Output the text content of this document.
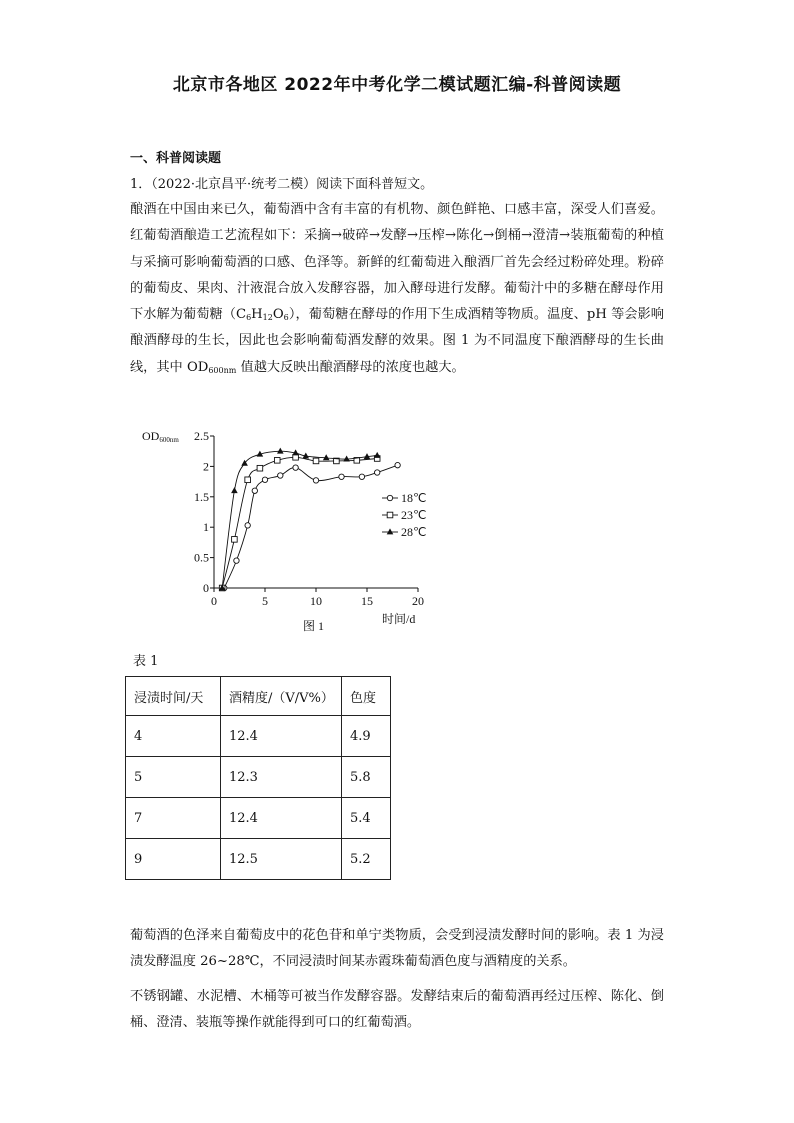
北京市各地区 2022年中考化学二模试题汇编-科普阅读题
一、科普阅读题
1．（2022·北京昌平·统考二模）阅读下面科普短文。
酿酒在中国由来已久，葡萄酒中含有丰富的有机物、颜色鲜艳、口感丰富，深受人们喜爱。红葡萄酒酿造工艺流程如下：采摘→破碎→发酵→压榨→陈化→倒桶→澄清→装瓶葡萄的种植与采摘可影响葡萄酒的口感、色泽等。新鲜的红葡萄进入酿酒厂首先会经过粉碎处理。粉碎的葡萄皮、果肉、汁液混合放入发酵容器，加入酵母进行发酵。葡萄汁中的多糖在酵母作用下水解为葡萄糖$(C_6H_{12}O_6)$，葡萄糖在酵母的作用下生成酒精等物质。温度、pH 等会影响酿酒酵母的生长，因此也会影响葡萄酒发酵的效果。图 1 为不同温度下酿酒酵母的生长曲线，其中 $OD_{600nm}$ 值越大反映出酿酒酵母的浓度也越大。
OD600nm
时间/d
图 1
0	5	10	15	20
0
0.5
1
1.5
2
2.5
18℃
23℃
28℃
表 1
浸渍时间/天	酒精度/（V/V%）	色度
4	12.4	4.9
5	12.3	5.8
7	12.4	5.4
9	12.5	5.2
葡萄酒的色泽来自葡萄皮中的花色苷和单宁类物质，会受到浸渍发酵时间的影响。表 1 为浸渍发酵温度 26~28℃，不同浸渍时间某赤霞珠葡萄酒色度与酒精度的关系。
不锈钢罐、水泥槽、木桶等可被当作发酵容器。发酵结束后的葡萄酒再经过压榨、陈化、倒桶、澄清、装瓶等操作就能得到可口的红葡萄酒。
